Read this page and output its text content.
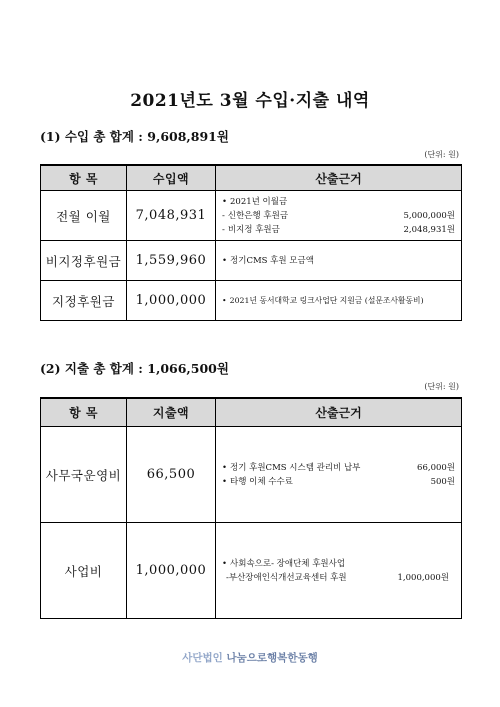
2021년도 3월 수입·지출 내역
(1) 수입 총 합계 : 9,608,891원
(단위: 원)
항 목	수입액	산출근거
전월 이월	7,048,931	• 2021년 이월금
- 신한은행 후원금 5,000,000원
- 비지정 후원금 2,048,931원

비지정후원금	1,559,960	• 정기CMS 후원 모금액

지정후원금	1,000,000	• 2021년 동서대학교 링크사업단 지원금 (설문조사활동비)
(2) 지출 총 합계 : 1,066,500원
(단위: 원)
항 목	지출액	산출근거
사무국운영비	66,500	• 정기 후원CMS 시스템 관리비 납부 66,000원
• 타행 이체 수수료 500원

사업비	1,000,000	• 사회속으로- 장애단체 후원사업
-부산장애인식개선교육센터 후원 1,000,000원
사단법인 나눔으로행복한동행
